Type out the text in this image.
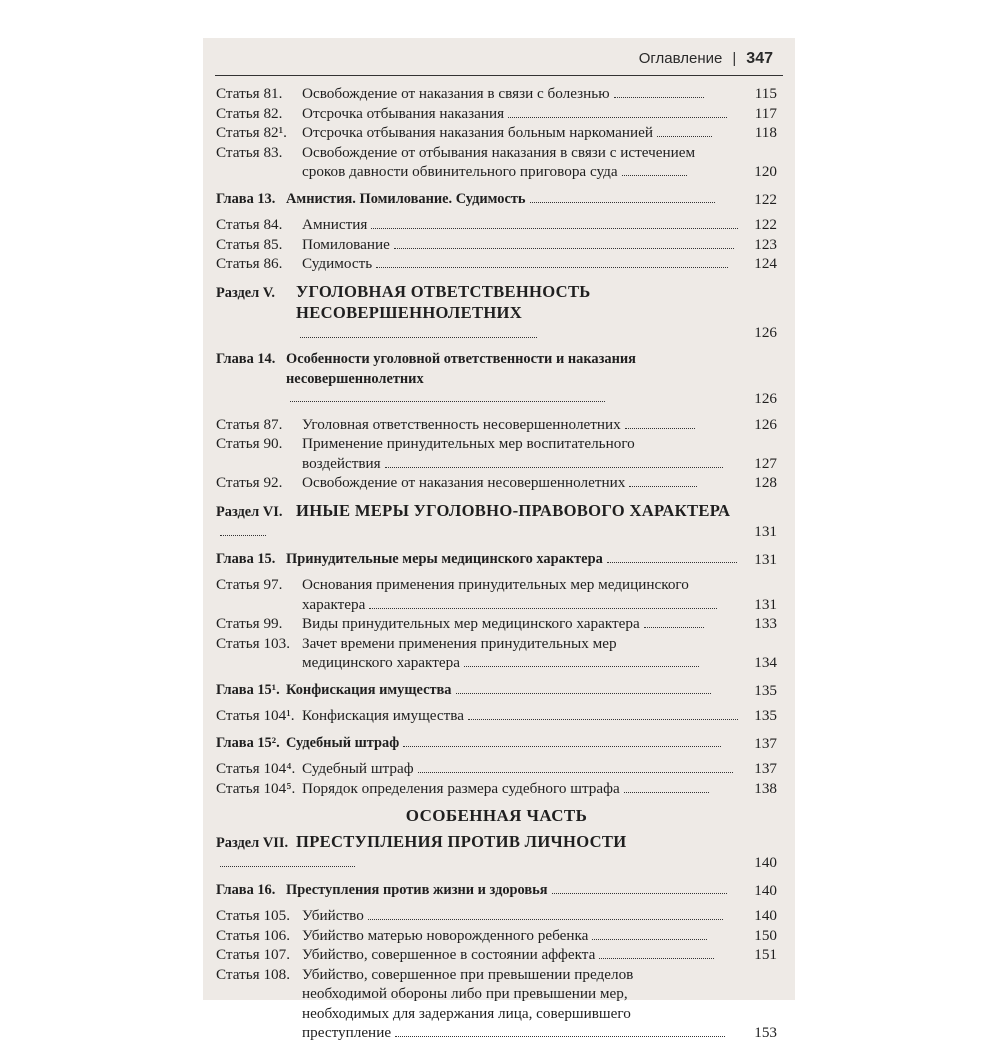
Оглавление | 347
Статья 81.	Освобождение от наказания в связи с болезнью	115
Статья 82.	Отсрочка отбывания наказания	117
Статья 82¹. Отсрочка отбывания наказания больным наркоманией	118
Статья 83.	Освобождение от отбывания наказания в связи с истечением
сроков давности обвинительного приговора суда	120
Глава 13. Амнистия. Помилование. Судимость	122
Статья 84.	Амнистия	122
Статья 85.	Помилование	123
Статья 86.	Судимость	124
Раздел V. УГОЛОВНАЯ ОТВЕТСТВЕННОСТЬ
НЕСОВЕРШЕННОЛЕТНИХ
126
Глава 14. Особенности уголовной ответственности и наказания
несовершеннолетних
126
Статья 87.	Уголовная ответственность несовершеннолетних	126
Статья 90.	Применение принудительных мер воспитательного
воздействия	127
Статья 92.	Освобождение от наказания несовершеннолетних	128
Раздел VI. ИНЫЕ МЕРЫ УГОЛОВНО-ПРАВОВОГО ХАРАКТЕРА
131
Глава 15. Принудительные меры медицинского характера	131
Статья 97.	Основания применения принудительных мер медицинского
характера	131
Статья 99.	Виды принудительных мер медицинского характера	133
Статья 103. Зачет времени применения принудительных мер
медицинского характера	134
Глава 15¹. Конфискация имущества	135
Статья 104¹. Конфискация имущества	135
Глава 15². Судебный штраф	137
Статья 104⁴. Судебный штраф	137
Статья 104⁵. Порядок определения размера судебного штрафа	138
ОСОБЕННАЯ ЧАСТЬ
Раздел VII. ПРЕСТУПЛЕНИЯ ПРОТИВ ЛИЧНОСТИ
140
Глава 16. Преступления против жизни и здоровья	140
Статья 105. Убийство	140
Статья 106. Убийство матерью новорожденного ребенка	150
Статья 107. Убийство, совершенное в состоянии аффекта	151
Статья 108. Убийство, совершенное при превышении пределов
необходимой обороны либо при превышении мер,
необходимых для задержания лица, совершившего
преступление	153
